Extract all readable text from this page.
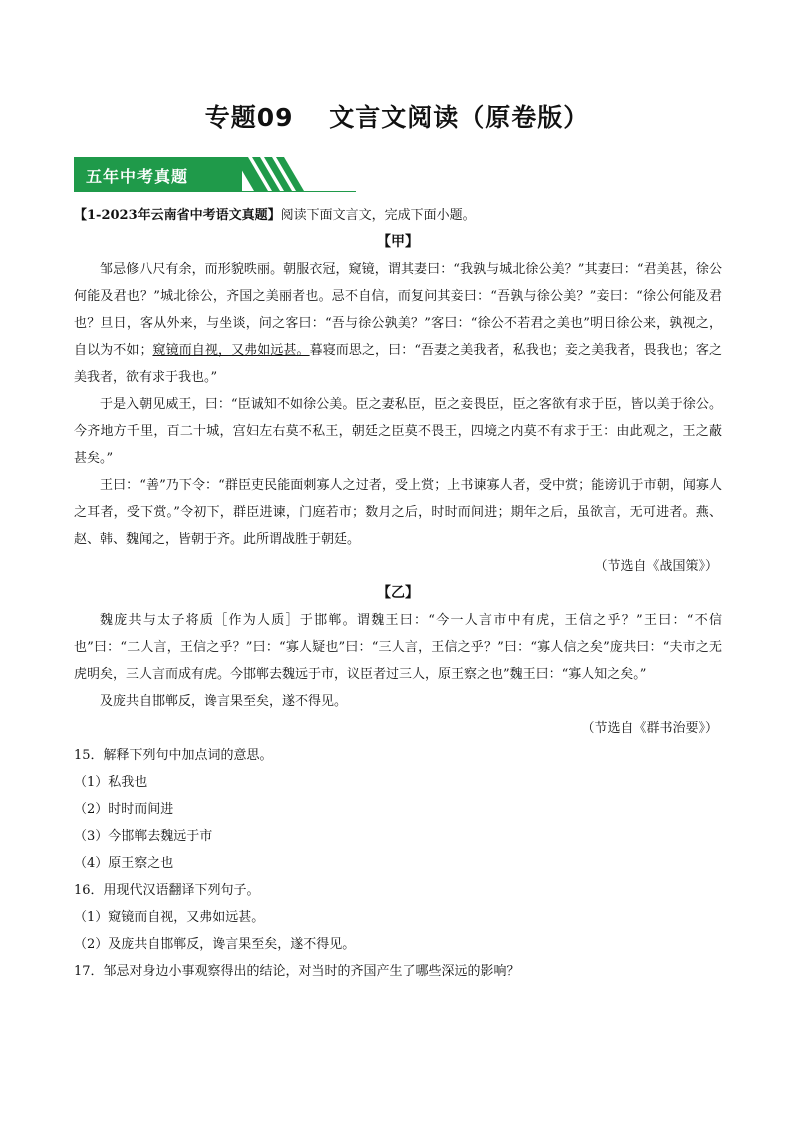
专题09　 文言文阅读（原卷版）
五年中考真题

【1-2023年云南省中考语文真题】阅读下面文言文，完成下面小题。

【甲】

邹忌修八尺有余，而形貌昳丽。朝服衣冠，窥镜，谓其妻曰：“我孰与城北徐公美？”其妻曰：“君美甚，徐公何能及君也？”城北徐公，齐国之美丽者也。忌不自信，而复问其妾曰：“吾孰与徐公美？”妾曰：“徐公何能及君也？旦日，客从外来，与坐谈，问之客曰：“吾与徐公孰美？”客曰：“徐公不若君之美也”明日徐公来，孰视之，自以为不如；窥镜而自视，又弗如远甚。暮寝而思之，曰：“吾妻之美我者，私我也；妾之美我者，畏我也；客之美我者，欲有求于我也。”

于是入朝见威王，曰：“臣诚知不如徐公美。臣之妻私臣，臣之妾畏臣，臣之客欲有求于臣，皆以美于徐公。今齐地方千里，百二十城，宫妇左右莫不私王，朝廷之臣莫不畏王，四境之内莫不有求于王：由此观之，王之蔽甚矣。”

王曰：“善”乃下令：“群臣吏民能面刺寡人之过者，受上赏；上书谏寡人者，受中赏；能谤讥于市朝，闻寡人之耳者，受下赏。”令初下，群臣进谏，门庭若市；数月之后，时时而间进；期年之后，虽欲言，无可进者。燕、赵、韩、魏闻之，皆朝于齐。此所谓战胜于朝廷。

（节选自《战国策》）

【乙】

魏庞共与太子将质［作为人质］于邯郸。谓魏王曰：“今一人言市中有虎，王信之乎？”王曰：“不信也”曰：“二人言，王信之乎？”曰：“寡人疑也”曰：“三人言，王信之乎？”曰：“寡人信之矣”庞共曰：“夫市之无虎明矣，三人言而成有虎。今邯郸去魏远于市，议臣者过三人，原王察之也”魏王曰：“寡人知之矣。”

及庞共自邯郸反，谗言果至矣，遂不得见。

（节选自《群书治要》）

15．解释下列句中加点词的意思。

（1）私我也

（2）时时而间进

（3）今邯郸去魏远于市

（4）原王察之也

16．用现代汉语翻译下列句子。

（1）窥镜而自视，又弗如远甚。

（2）及庞共自邯郸反，谗言果至矣，遂不得见。

17．邹忌对身边小事观察得出的结论，对当时的齐国产生了哪些深远的影响？
